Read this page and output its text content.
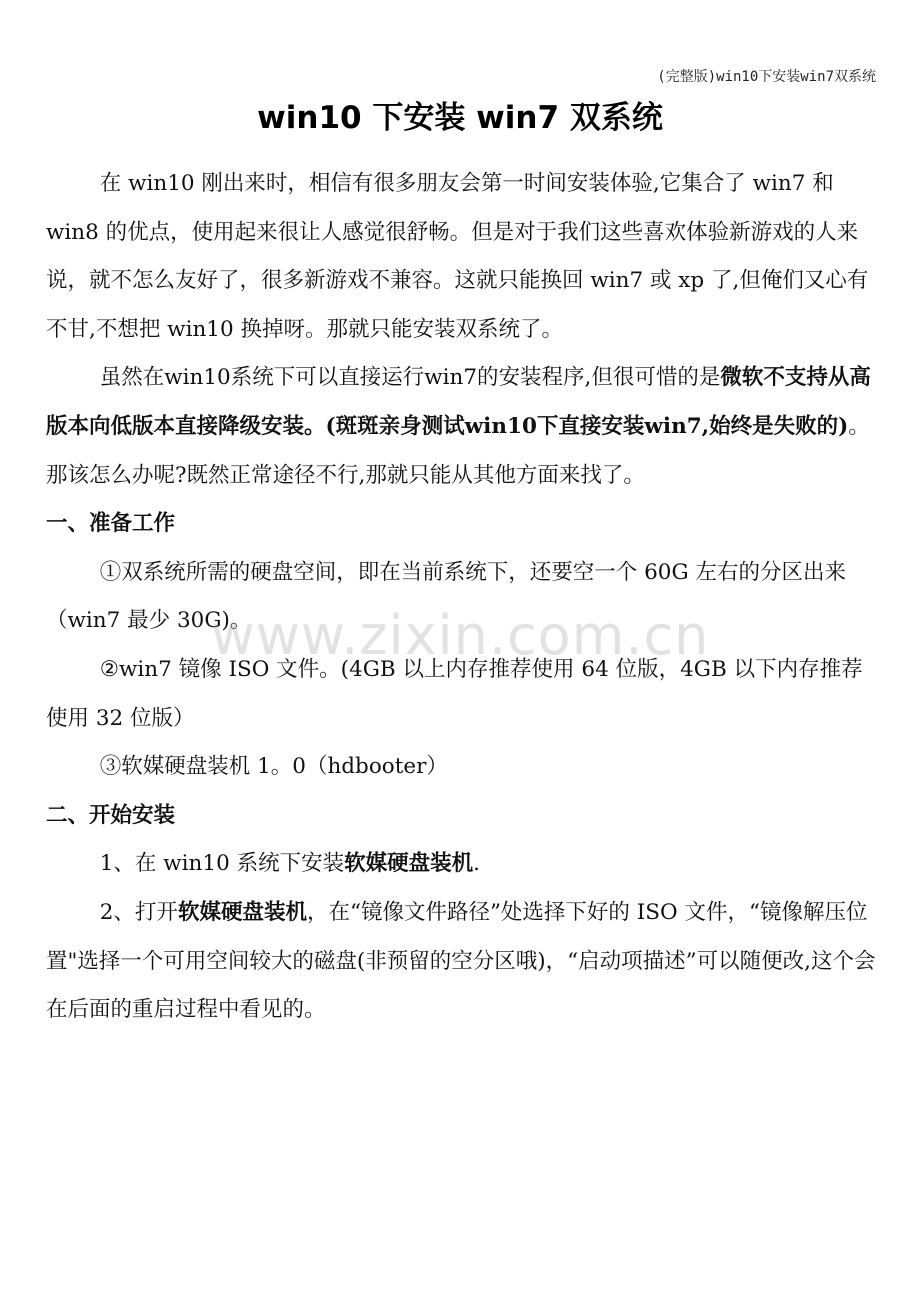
(完整版)win10下安装win7双系统
win10 下安装 win7 双系统

在 win10 刚出来时，相信有很多朋友会第一时间安装体验,它集合了 win7 和 win8 的优点，使用起来很让人感觉很舒畅。但是对于我们这些喜欢体验新游戏的人来说，就不怎么友好了，很多新游戏不兼容。这就只能换回 win7 或 xp 了,但俺们又心有不甘,不想把 win10 换掉呀。那就只能安装双系统了。

虽然在win10系统下可以直接运行win7的安装程序,但很可惜的是微软不支持从高版本向低版本直接降级安装。(斑斑亲身测试win10下直接安装win7,始终是失败的)。那该怎么办呢?既然正常途径不行,那就只能从其他方面来找了。

一、准备工作

①双系统所需的硬盘空间，即在当前系统下，还要空一个 60G 左右的分区出来（win7 最少 30G)。

②win7 镜像 ISO 文件。(4GB 以上内存推荐使用 64 位版，4GB 以下内存推荐使用 32 位版）

③软媒硬盘装机 1。0（hdbooter）

二、开始安装

1、在 win10 系统下安装软媒硬盘装机.

2、打开软媒硬盘装机，在“镜像文件路径”处选择下好的 ISO 文件，“镜像解压位置"选择一个可用空间较大的磁盘(非预留的空分区哦)，“启动项描述”可以随便改,这个会在后面的重启过程中看见的。

www.zixin.com.cn
